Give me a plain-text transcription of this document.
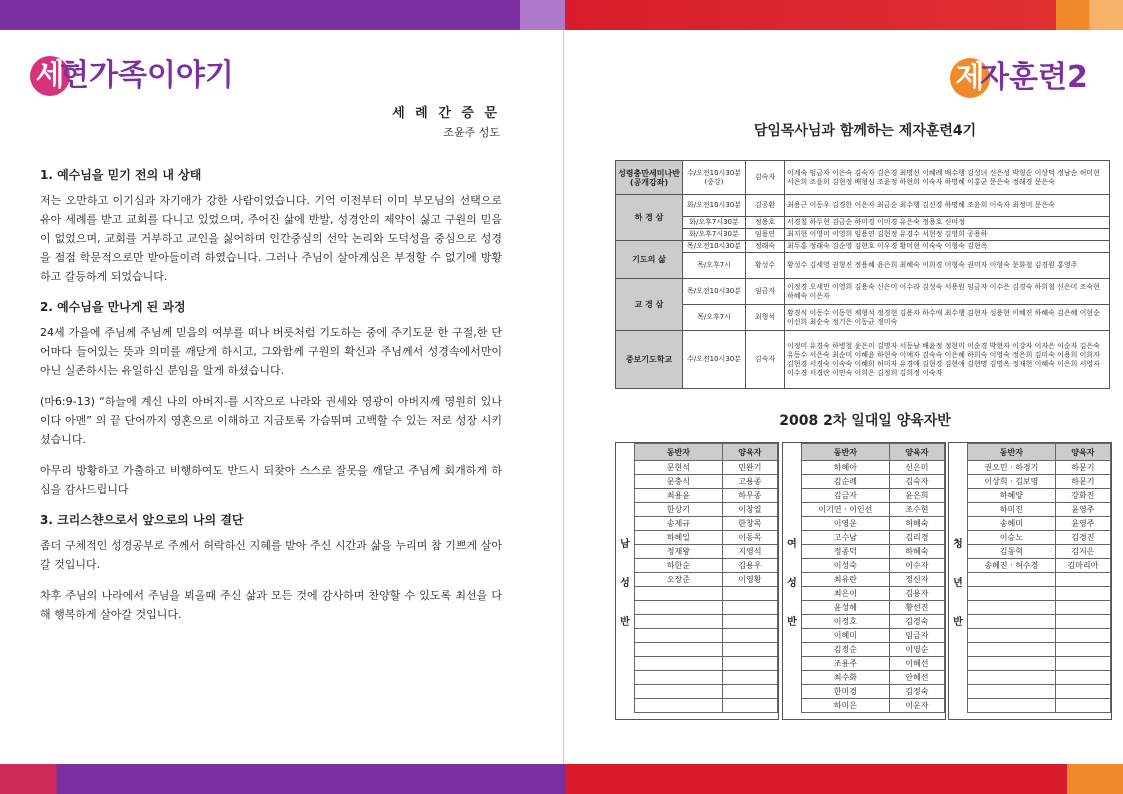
세현가족이야기
세 례 간 증 문
조윤주 성도
1. 예수님을 믿기 전의 내 상태
저는 오만하고 이기심과 자기애가 강한 사람이었습니다. 기억 이전부터 이미 부모님의 선택으로 유아 세례를 받고 교회를 다니고 있었으며, 주어진 삶에 반발, 성경안의 제약이 싫고 구원의 믿음이 없었으며, 교회를 거부하고 교인을 싫어하며 인간중심의 선악 논리와 도덕성을 중심으로 성경을 점점 학문적으로만 받아들이려 하였습니다. 그러나 주님이 살아계심은 부정할 수 없기에 방황하고 갈등하게 되었습니다.
2. 예수님을 만나게 된 과정
24세 가을에 주님께 주님께 믿음의 여부를 떠나 버릇처럼 기도하는 중에 주기도문 한 구절,한 단어마다 들어있는 뜻과 의미를 깨닫게 하시고, 그와함께 구원의 확신과 주님께서 성경속에서만이 아닌 실존하시는 유일하신 분임을 알게 하셨습니다.
(마6:9-13) “하늘에 계신 나의 아버지-를 시작으로 나라와 권세와 영광이 아버지께 영원히 있나이다 아멘” 의 끝 단어까지 영혼으로 이해하고 지금토록 가슴뛰며 고백할 수 있는 저로 성장 시키셨습니다.
아무리 방황하고 가출하고 비행하여도 반드시 되찾아 스스로 잘못을 깨닫고 주님께 회개하게 하심을 감사드립니다
3. 크리스챤으로서 앞으로의 나의 결단
좀더 구체적인 성경공부로 주께서 허락하신 지혜를 받아 주신 시간과 삶을 누리며 참 기쁘게 살아갈 것입니다.
차후 주님의 나라에서 주님을 뵈올때 주신 삶과 모든 것에 감사하며 찬양할 수 있도록 최선을 다해 행복하게 살아갈 것입니다.
제자훈련2
담임목사님과 함께하는 제자훈련4기
성령충만세미나반 (공개강좌)	수/오전10시30분 (중강)	김숙자	이계숙 임금자 이은숙 김숙자 김은경 최명선 이혜례 배수행 김성녀 신은성 박형순 이상덕 정남순 허미현 서은희 조윤희 김현정 배형심 조윤정 하현희 이숙자 하명혜 이홍균 문은숙 정래경 문은숙
하 경 삼	화/오전10시30분	김공환	최용근 이동우 김경한 이은자 최금순 최수행 김선경 하명혜 조윤희 이숙자 최정미 문은숙
	화/오후7시30분	정용호	서경철 하두현 김금순 하미경 이미경 유은숙 정용호 신미정
	화/오후7시30분	임용연	최지현 이영미 이영희 임용연 김현정 유경수 서현정 김영희 공용하
기도의 삶	목/오전10시30분	정래숙	최두홍 정래숙 김순영 김현호 이우경 황미현 이숙숙 이형숙 김현옥
	목/오후7시	황성수	황성수 김세영 권형진 정용혜 윤은희 최혜숙 이희경 이형숙 권미자 이형숙 문화철 김경원 홍영주
교 경 삼	목/오전10시30분	임금자	이정경 오세민 이영희 김용숙 신은미 이수라 김성숙 서용원 임금자 이수은 김경숙 하희철 신은미 조숙현 하혜숙 이은자
	목/오후7시	최형석	황경식 이동수 이동헌 체형석 정경현 김용자 하수애 최수행 김현자 성용현 이혜진 하혜숙 김은혜 이현순 이선희 최순숙 정기은 이동균 정미숙
중보기도학교	수/오전10시30분	김숙자	이정미 유경숙 하병철 윤은미 김명자 서동남 배윤정 정현미 이순경 박현자 이강자 이자은 이순자 김은숙 유동수 서은숙 최순미 이혜윤 하현숙 이예자 김숙숙 이은혜 하희숙 이영숙 정은희 김미숙 이용희 이희자 김현경 서경숙 이숙숙 이혜희 허미자 유경애 김현경 김현애 김현명 김명옥 정재현 이혜숙 이은희 서영자 이수경 서경란 이민숙 이희은 김정희 김희정 이숙자
2008 2차 일대일 양육자반
남
성
반
동반자	양육자
문현석	민완기
문충식	고용종
최용윤	하무종
한상기	이창열
송제규	한창목
하혜일	이동목
정재왕	지영석
하한순	김용우
오장준	이영황

여
성
반
동반자	양육자
하혜아	신은미
김순례	김숙자
김금자	윤은희
이기연 · 이인선	조수현
이영운	허혜숙
고수남	김리경
정종덕	하혜숙
이성숙	이수자
최유란	정신자
최은이	김용자
윤성혜	황선진
이정호	김경숙
이혜미	임금자
김정순	이영순
조용주	이혜선
최수화	안혜선
한미경	김정숙
하미은	이운자
청
년
반
동반자	양육자
권오민 · 하경기	하문기
이상희 · 김보명	하문기
하혜양	강화진
하미진	윤영주
송혜미	윤영주
이승노	김경진
김동혁	김지은
송혜진 · 허수경	김마리아
